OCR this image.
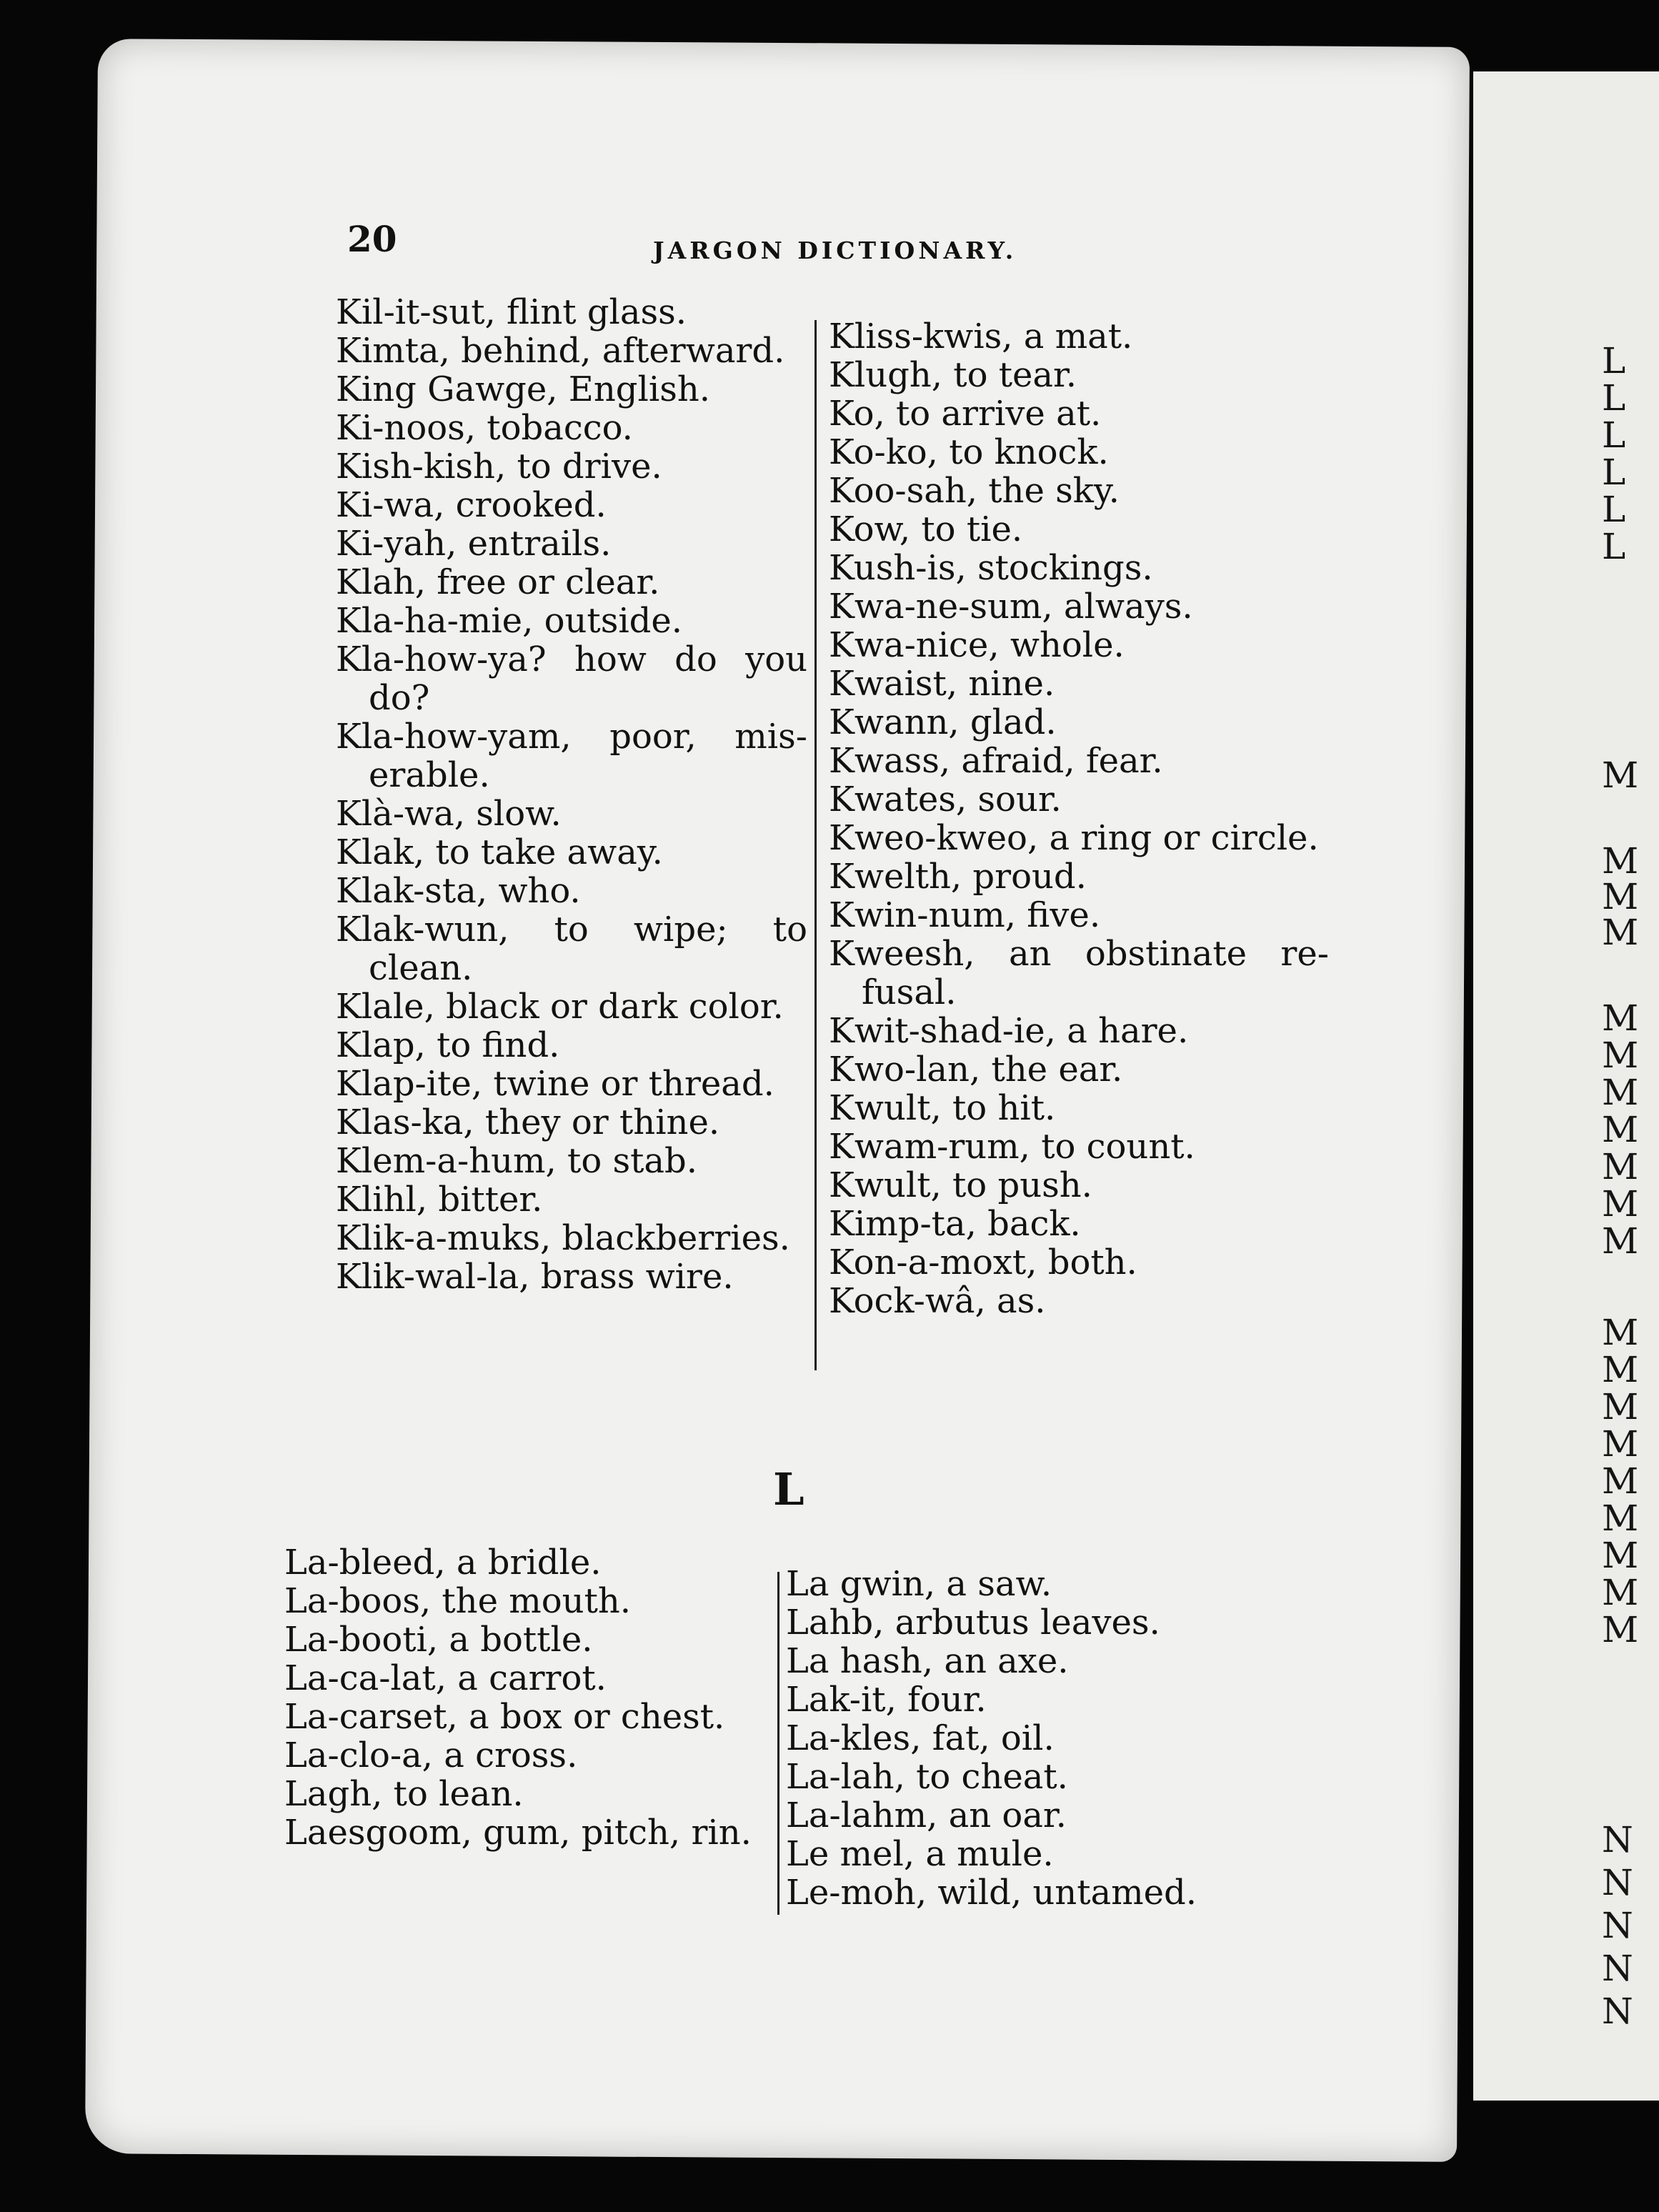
L
L
L
L
L
L
M
M
M
M
M
M
M
M
M
M
M
M
M
M
M
M
M
M
M
M
N
N
N
N
N
20	JARGON DICTIONARY.
Kil-it-sut, flint glass.
Kimta, behind, afterward.
King Gawge, English.
Ki-noos, tobacco.
Kish-kish, to drive.
Ki-wa, crooked.
Ki-yah, entrails.
Klah, free or clear.
Kla-ha-mie, outside.
Kla-how-ya? how do you do?
Kla-how-yam, poor, miserable.
Klà-wa, slow.
Klak, to take away.
Klak-sta, who.
Klak-wun, to wipe; to clean.
Klale, black or dark color.
Klap, to find.
Klap-ite, twine or thread.
Klas-ka, they or thine.
Klem-a-hum, to stab.
Klihl, bitter.
Klik-a-muks, blackberries.
Klik-wal-la, brass wire.
Kliss-kwis, a mat.
Klugh, to tear.
Ko, to arrive at.
Ko-ko, to knock.
Koo-sah, the sky.
Kow, to tie.
Kush-is, stockings.
Kwa-ne-sum, always.
Kwa-nice, whole.
Kwaist, nine.
Kwann, glad.
Kwass, afraid, fear.
Kwates, sour.
Kweo-kweo, a ring or circle.
Kwelth, proud.
Kwin-num, five.
Kweesh, an obstinate refusal.
Kwit-shad-ie, a hare.
Kwo-lan, the ear.
Kwult, to hit.
Kwam-rum, to count.
Kwult, to push.
Kimp-ta, back.
Kon-a-moxt, both.
Kock-wâ, as.
L
La-bleed, a bridle.
La-boos, the mouth.
La-booti, a bottle.
La-ca-lat, a carrot.
La-carset, a box or chest.
La-clo-a, a cross.
Lagh, to lean.
Laesgoom, gum, pitch, rin.
La gwin, a saw.
Lahb, arbutus leaves.
La hash, an axe.
Lak-it, four.
La-kles, fat, oil.
La-lah, to cheat.
La-lahm, an oar.
Le mel, a mule.
Le-moh, wild, untamed.
